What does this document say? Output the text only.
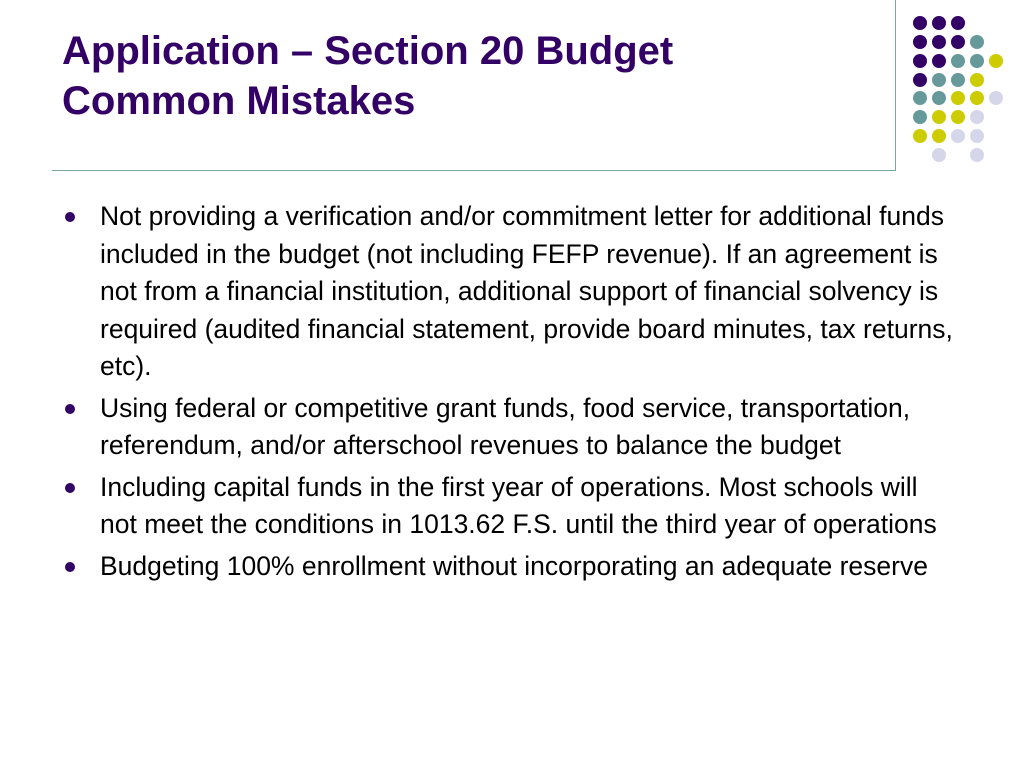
Application – Section 20 Budget
Common Mistakes
Not providing a verification and/or commitment letter for additional funds included in the budget (not including FEFP revenue). If an agreement is not from a financial institution, additional support of financial solvency is required (audited financial statement, provide board minutes, tax returns, etc).
Using federal or competitive grant funds, food service, transportation, referendum, and/or afterschool revenues to balance the budget
Including capital funds in the first year of operations. Most schools will not meet the conditions in 1013.62 F.S. until the third year of operations
Budgeting 100% enrollment without incorporating an adequate reserve
